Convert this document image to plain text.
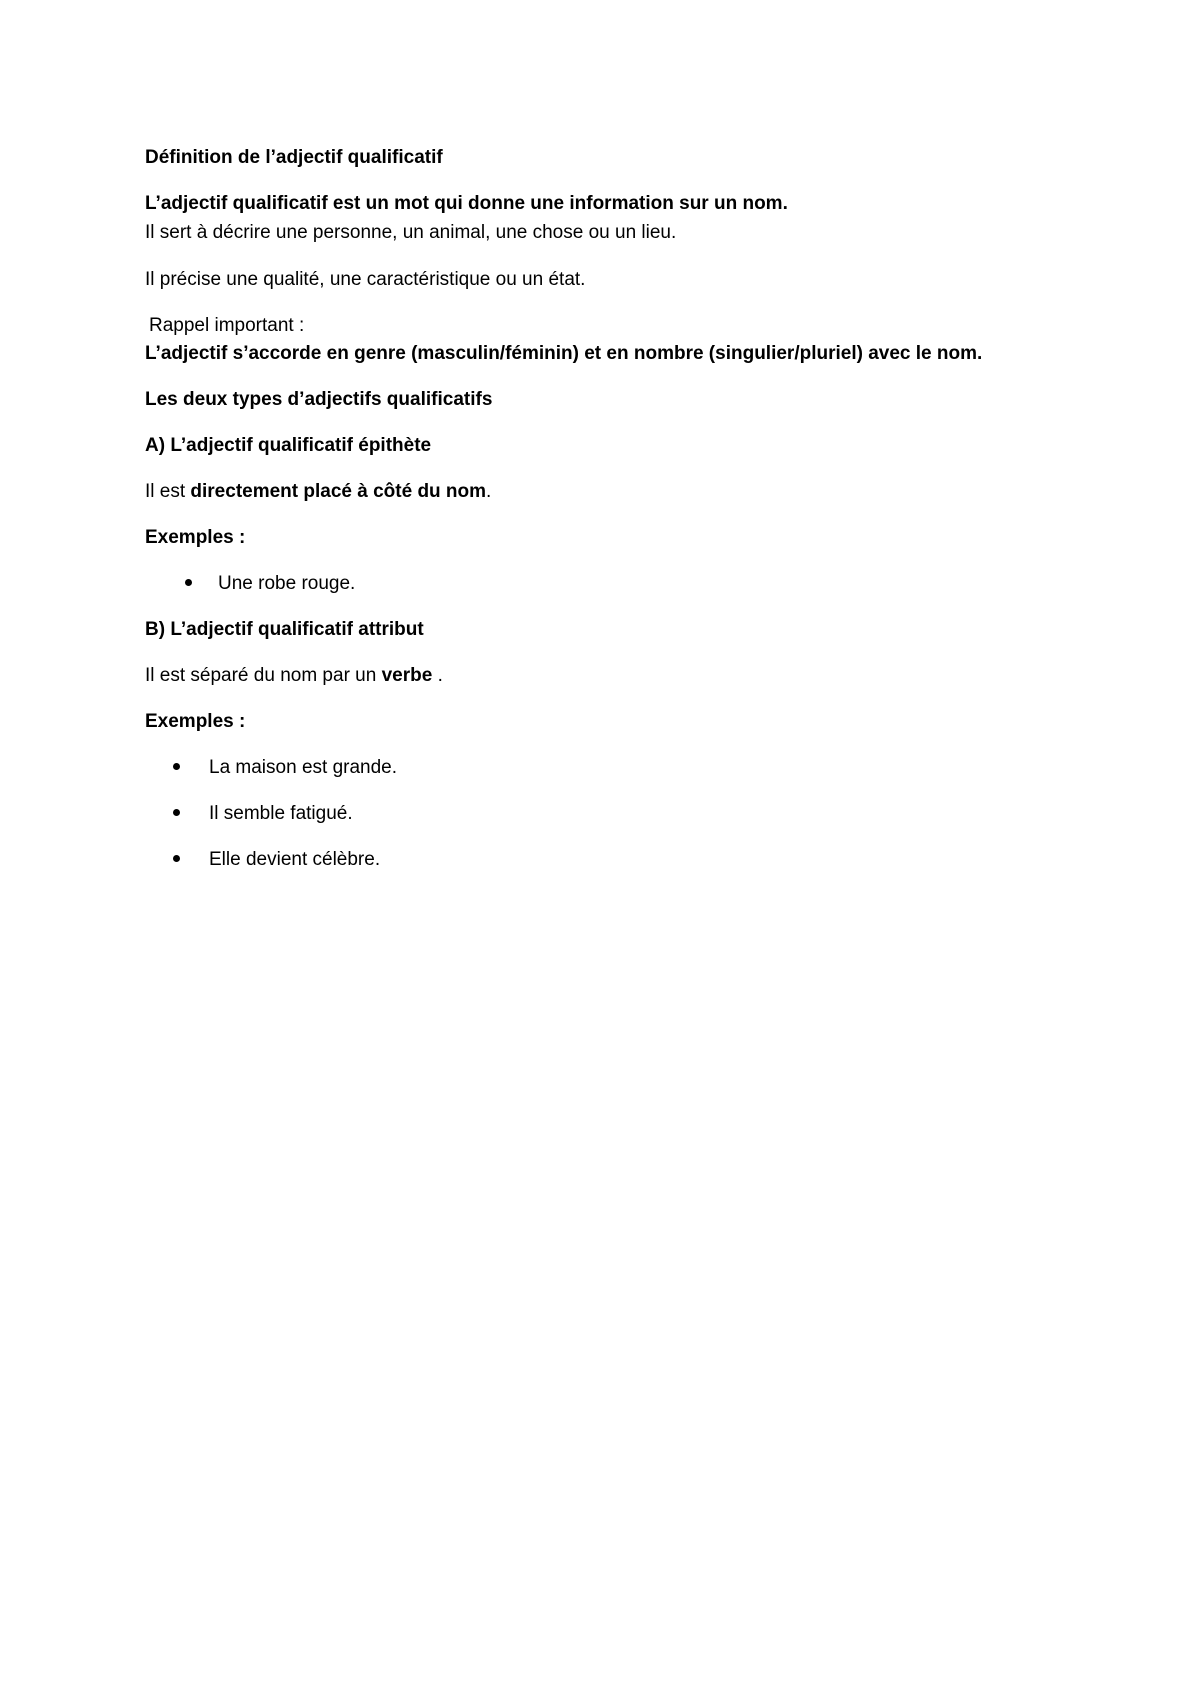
Définition de l’adjectif qualificatif
L’adjectif qualificatif est un mot qui donne une information sur un nom.
Il sert à décrire une personne, un animal, une chose ou un lieu.
Il précise une qualité, une caractéristique ou un état.
Rappel important :
L’adjectif s’accorde en genre (masculin/féminin) et en nombre (singulier/pluriel) avec le nom.
Les deux types d’adjectifs qualificatifs
A) L’adjectif qualificatif épithète
Il est directement placé à côté du nom.
Exemples :
Une robe rouge.
B) L’adjectif qualificatif attribut
Il est séparé du nom par un verbe .
Exemples :
La maison est grande.
Il semble fatigué.
Elle devient célèbre.
